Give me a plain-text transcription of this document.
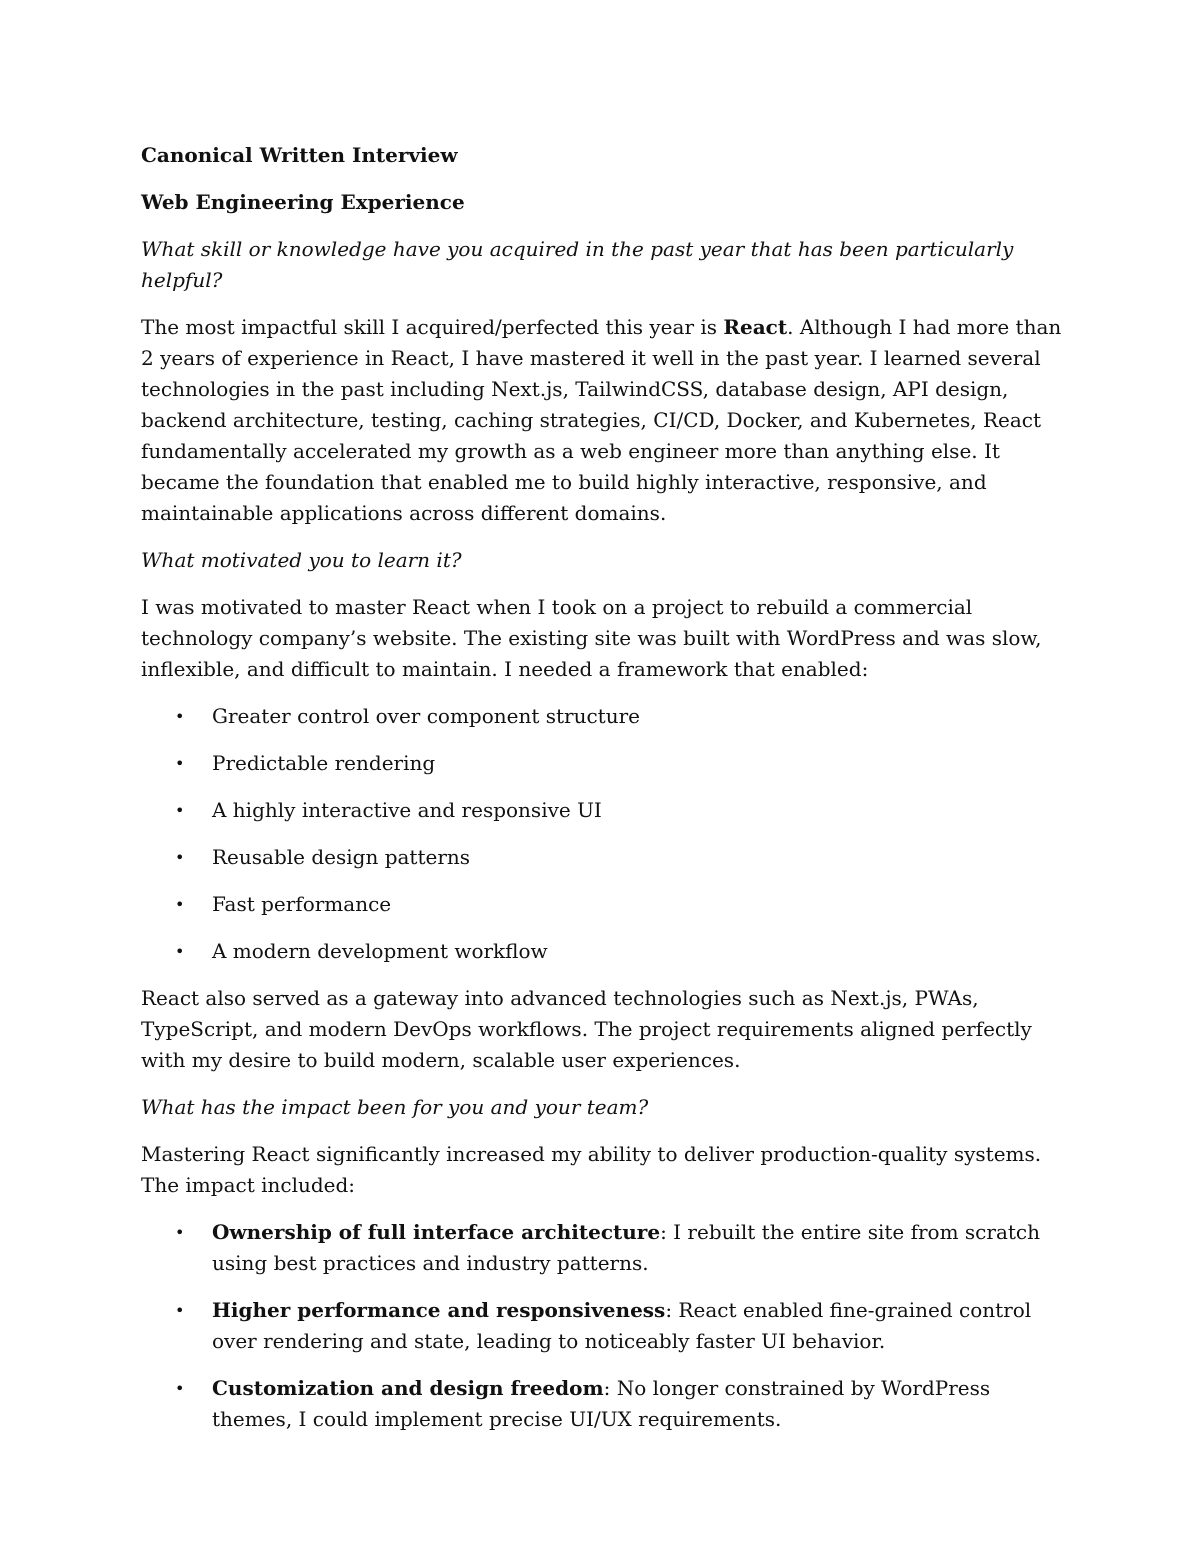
Canonical Written Interview

Web Engineering Experience

What skill or knowledge have you acquired in the past year that has been particularly helpful?

The most impactful skill I acquired/perfected this year is React. Although I had more than 2 years of experience in React, I have mastered it well in the past year. I learned several technologies in the past including Next.js, TailwindCSS, database design, API design, backend architecture, testing, caching strategies, CI/CD, Docker, and Kubernetes, React fundamentally accelerated my growth as a web engineer more than anything else. It became the foundation that enabled me to build highly interactive, responsive, and maintainable applications across different domains.

What motivated you to learn it?

I was motivated to master React when I took on a project to rebuild a commercial technology company’s website. The existing site was built with WordPress and was slow, inflexible, and difficult to maintain. I needed a framework that enabled:

• Greater control over component structure
• Predictable rendering
• A highly interactive and responsive UI
• Reusable design patterns
• Fast performance
• A modern development workflow

React also served as a gateway into advanced technologies such as Next.js, PWAs, TypeScript, and modern DevOps workflows. The project requirements aligned perfectly with my desire to build modern, scalable user experiences.

What has the impact been for you and your team?

Mastering React significantly increased my ability to deliver production-quality systems. The impact included:

• Ownership of full interface architecture: I rebuilt the entire site from scratch using best practices and industry patterns.
• Higher performance and responsiveness: React enabled fine-grained control over rendering and state, leading to noticeably faster UI behavior.
• Customization and design freedom: No longer constrained by WordPress themes, I could implement precise UI/UX requirements.
